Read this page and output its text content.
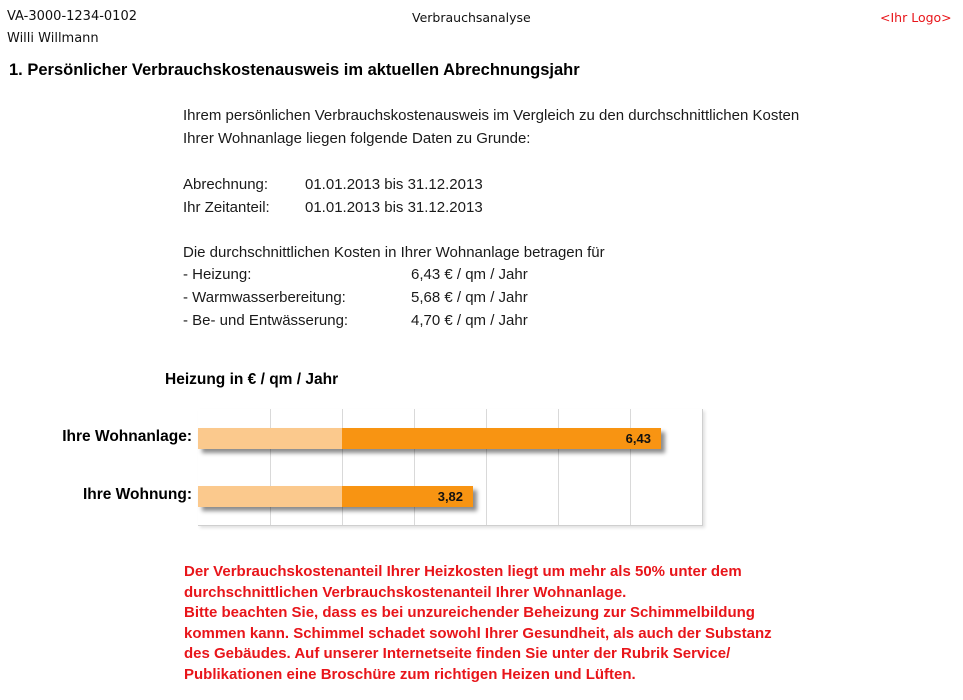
VA-3000-1234-0102
Willi Willmann
Verbrauchsanalyse	<Ihr Logo>
1. Persönlicher Verbrauchskostenausweis im aktuellen Abrechnungsjahr
Ihrem persönlichen Verbrauchskostenausweis im Vergleich zu den durchschnittlichen Kosten
Ihrer Wohnanlage liegen folgende Daten zu Grunde:
Abrechnung: 01.01.2013 bis 31.12.2013
Ihr Zeitanteil: 01.01.2013 bis 31.12.2013
Die durchschnittlichen Kosten in Ihrer Wohnanlage betragen für
- Heizung:	6,43 € / qm / Jahr
- Warmwasserbereitung:	5,68 € / qm / Jahr
- Be- und Entwässerung:	4,70 € / qm / Jahr
Heizung in € / qm / Jahr
Ihre Wohnanlage:
Ihre Wohnung:
6,43
3,82
Der Verbrauchskostenanteil Ihrer Heizkosten liegt um mehr als 50% unter dem
durchschnittlichen Verbrauchskostenanteil Ihrer Wohnanlage.
Bitte beachten Sie, dass es bei unzureichender Beheizung zur Schimmelbildung
kommen kann. Schimmel schadet sowohl Ihrer Gesundheit, als auch der Substanz
des Gebäudes. Auf unserer Internetseite finden Sie unter der Rubrik Service/
Publikationen eine Broschüre zum richtigen Heizen und Lüften.
